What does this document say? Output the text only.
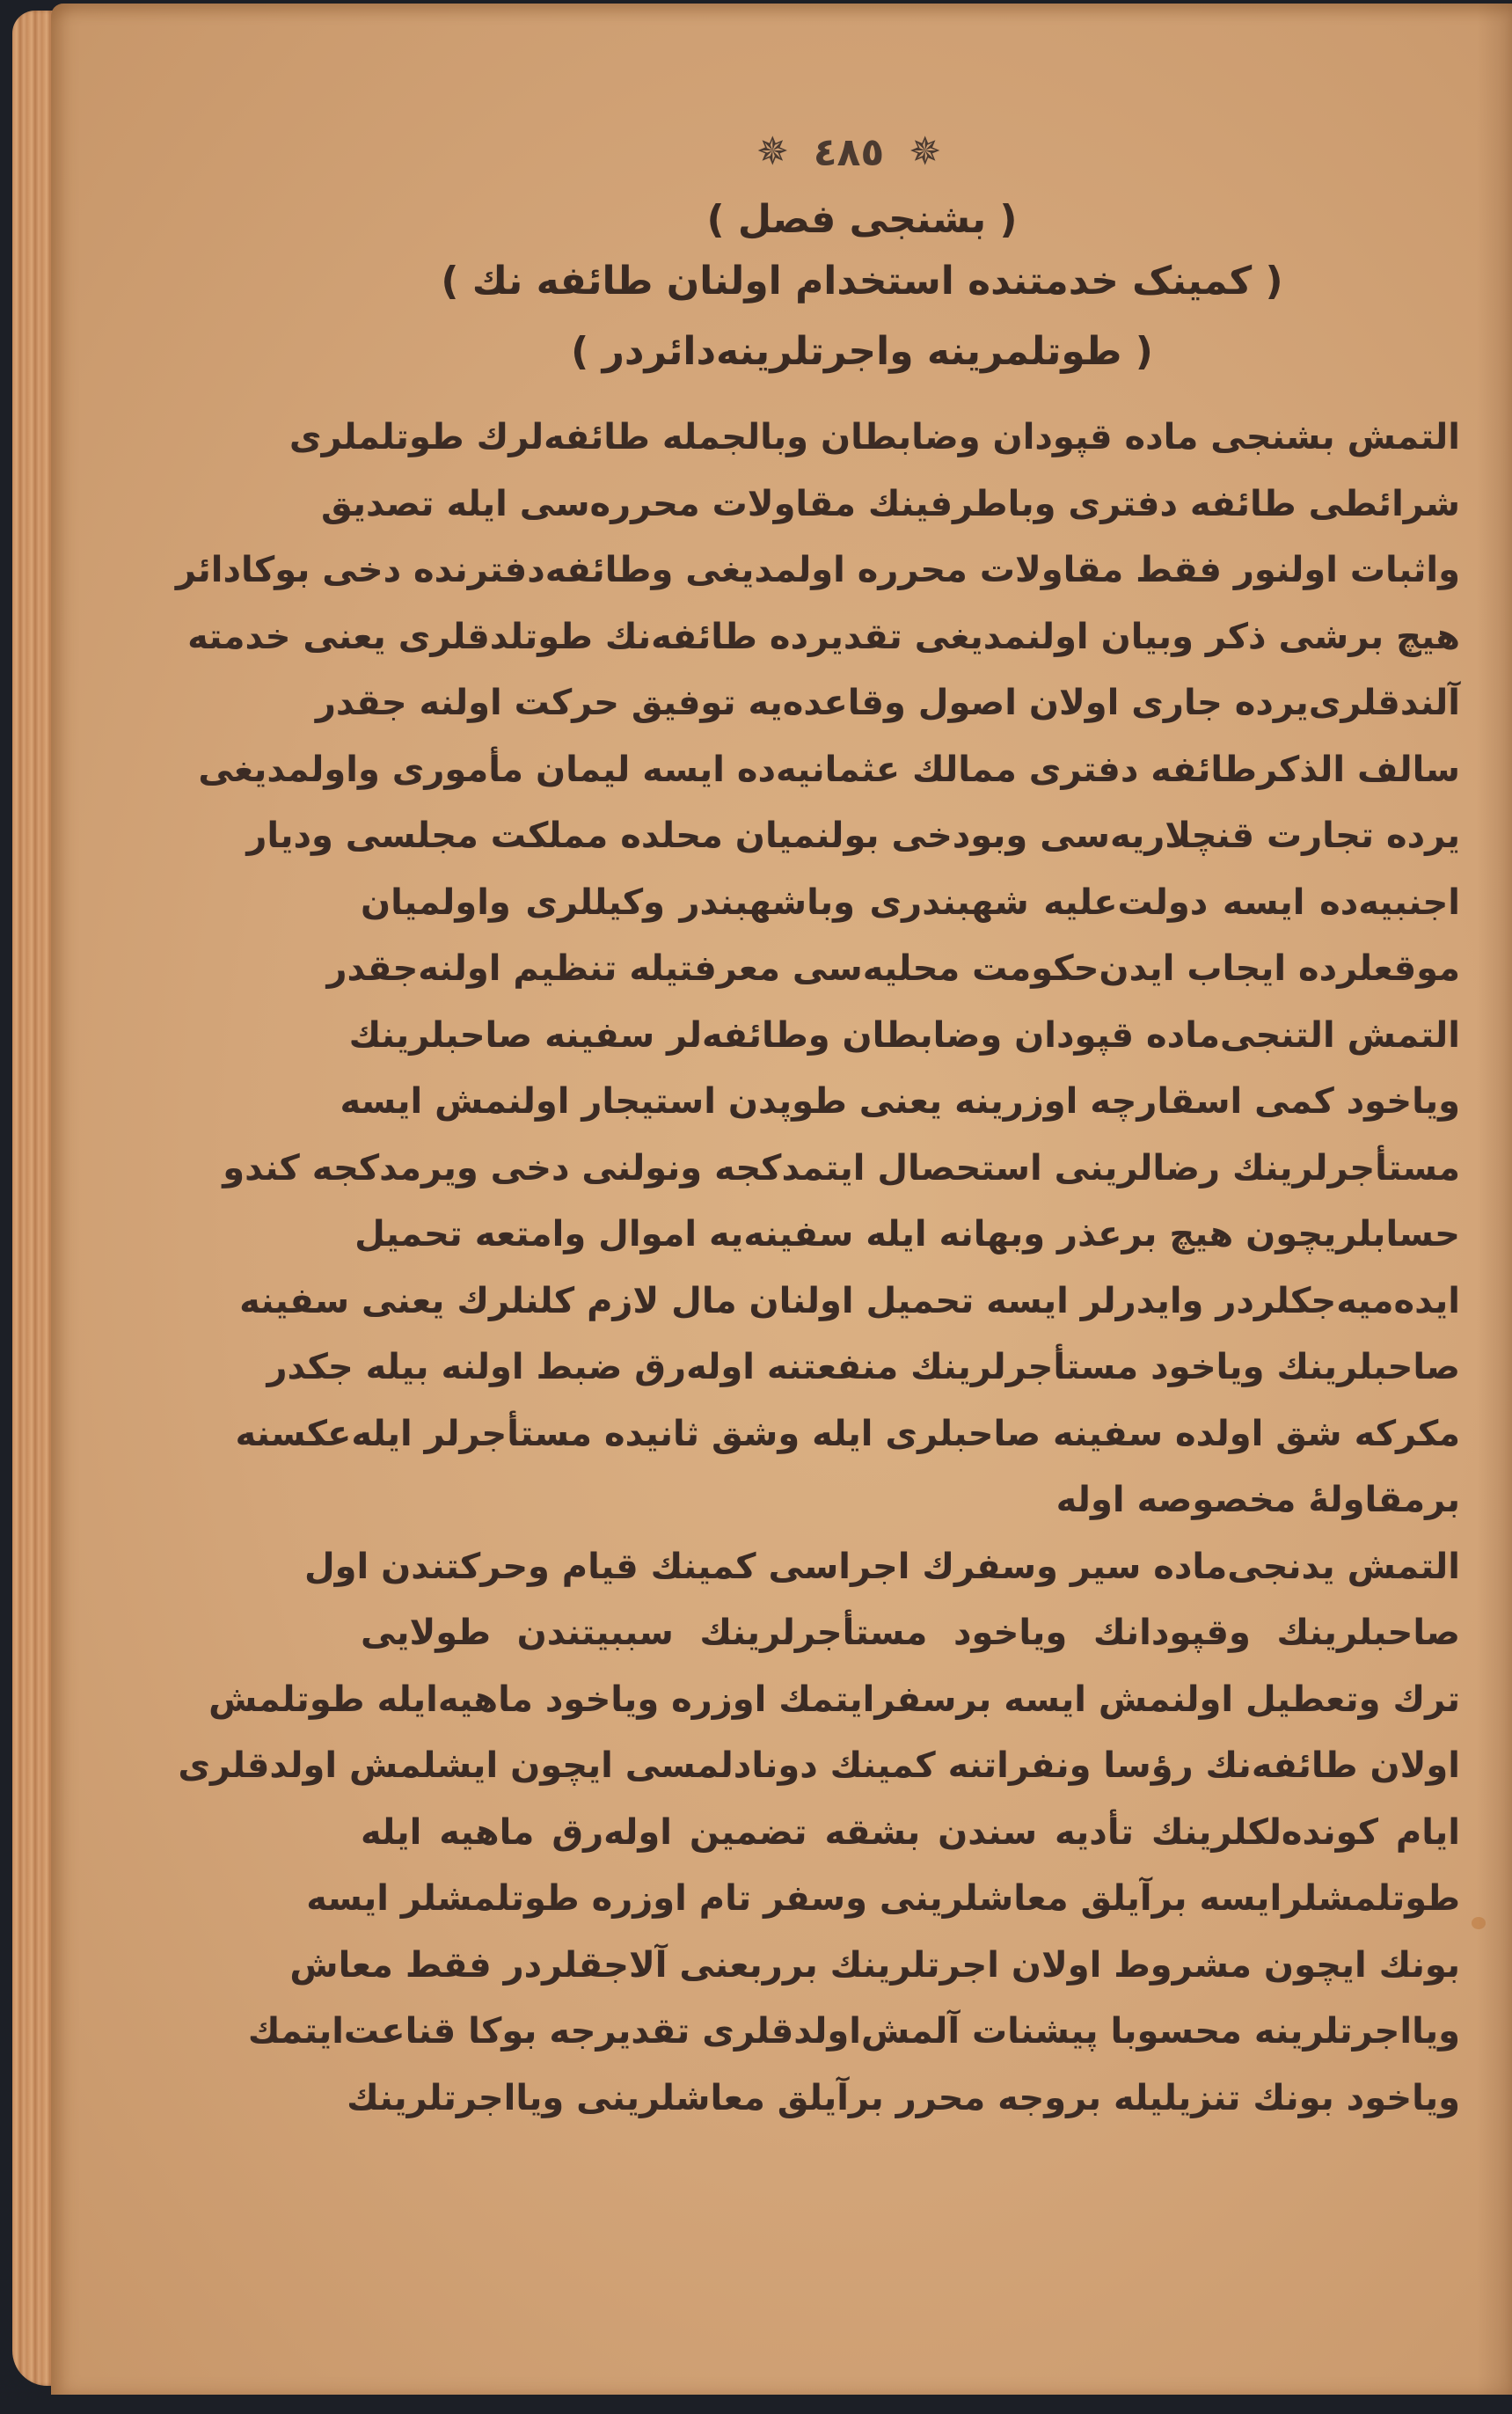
✵ ٤٨٥ ✵
( بشنجی فصل )
( کمینک خدمتنده استخدام اولنان طائفه نك )
( طوتلمرینه واجرتلرینه‌دائردر )
التمش بشنجی ماده قپودان وضابطان وبالجمله طائفه‌لرك طوتلملری
شرائطی طائفه دفتری وباطرفینك مقاولات محررەسی ایله تصدیق
واثبات اولنور فقط مقاولات محررە اولمدیغی وطائفه‌دفترنده دخی بوكادائر
هیچ برشی ذکر وبیان اولنمدیغی تقدیرده طائفه‌نك طوتلدقلری یعنی خدمته
آلندقلری‌یرده جاری اولان اصول وقاعده‌یه توفیق حرکت اولنه جقدر
سالف الذکرطائفه دفتری ممالك عثمانیه‌ده ایسه لیمان مأموری واولمدیغی
یرده تجارت قنچلاریه‌سی وبودخی بولنمیان محلده مملکت مجلسی ودیار
اجنبیه‌ده ایسه دولت‌علیه شهبندری وباشهبندر وکیللری واولمیان
موقعلرده ایجاب ایدن‌حکومت محلیه‌سی معرفتیله تنظیم اولنه‌جقدر
التمش التنجی‌ماده قپودان وضابطان وطائفه‌لر سفینه صاحبلرینك
ویاخود کمی اسقارچه اوزرینه یعنی طوپدن استیجار اولنمش ایسه
مستأجرلرینك رضالرینی استحصال ایتمدکجه ونولنی دخی ویرمدکجه کندو
حسابلریچون هیچ برعذر وبهانه ایله سفینه‌یه اموال وامتعه تحمیل
ایده‌میه‌جکلردر وایدرلر ایسه تحمیل اولنان مال لازم کلنلرك یعنی سفینه
صاحبلرینك ویاخود مستأجرلرینك منفعتنه اوله‌رق ضبط اولنه بیله جکدر
مکرکه شق اولده سفینه صاحبلری ایله وشق ثانیده مستأجرلر ایله‌عکسنه
برمقاولهٔ مخصوصه اوله
التمش یدنجی‌ماده سیر وسفرك اجراسی کمینك قیام وحرکتندن اول
صاحبلرینك وقپودانك ویاخود مستأجرلرینك سببیتندن طولایی
ترك وتعطیل اولنمش ایسه برسفرایتمك اوزره ویاخود ماهیه‌ایله طوتلمش
اولان طائفه‌نك رؤسا ونفراتنه کمینك دونادلمسی ایچون ایشلمش اولدقلری
ایام کونده‌لکلرینك تأدیه سندن بشقه تضمین اوله‌رق ماهیه ایله
طوتلمشلرایسه برآیلق معاشلرینی وسفر تام اوزره طوتلمشلر ایسه
بونك ایچون مشروط اولان اجرتلرینك برربعنی آلاجقلردر فقط معاش
ویااجرتلرینه محسوبا پیشنات آلمش‌اولدقلری تقدیرجه بوكا قناعت‌ایتمك
ویاخود بونك تنزیلیله بروجه محرر برآیلق معاشلرینی ویااجرتلرینك
